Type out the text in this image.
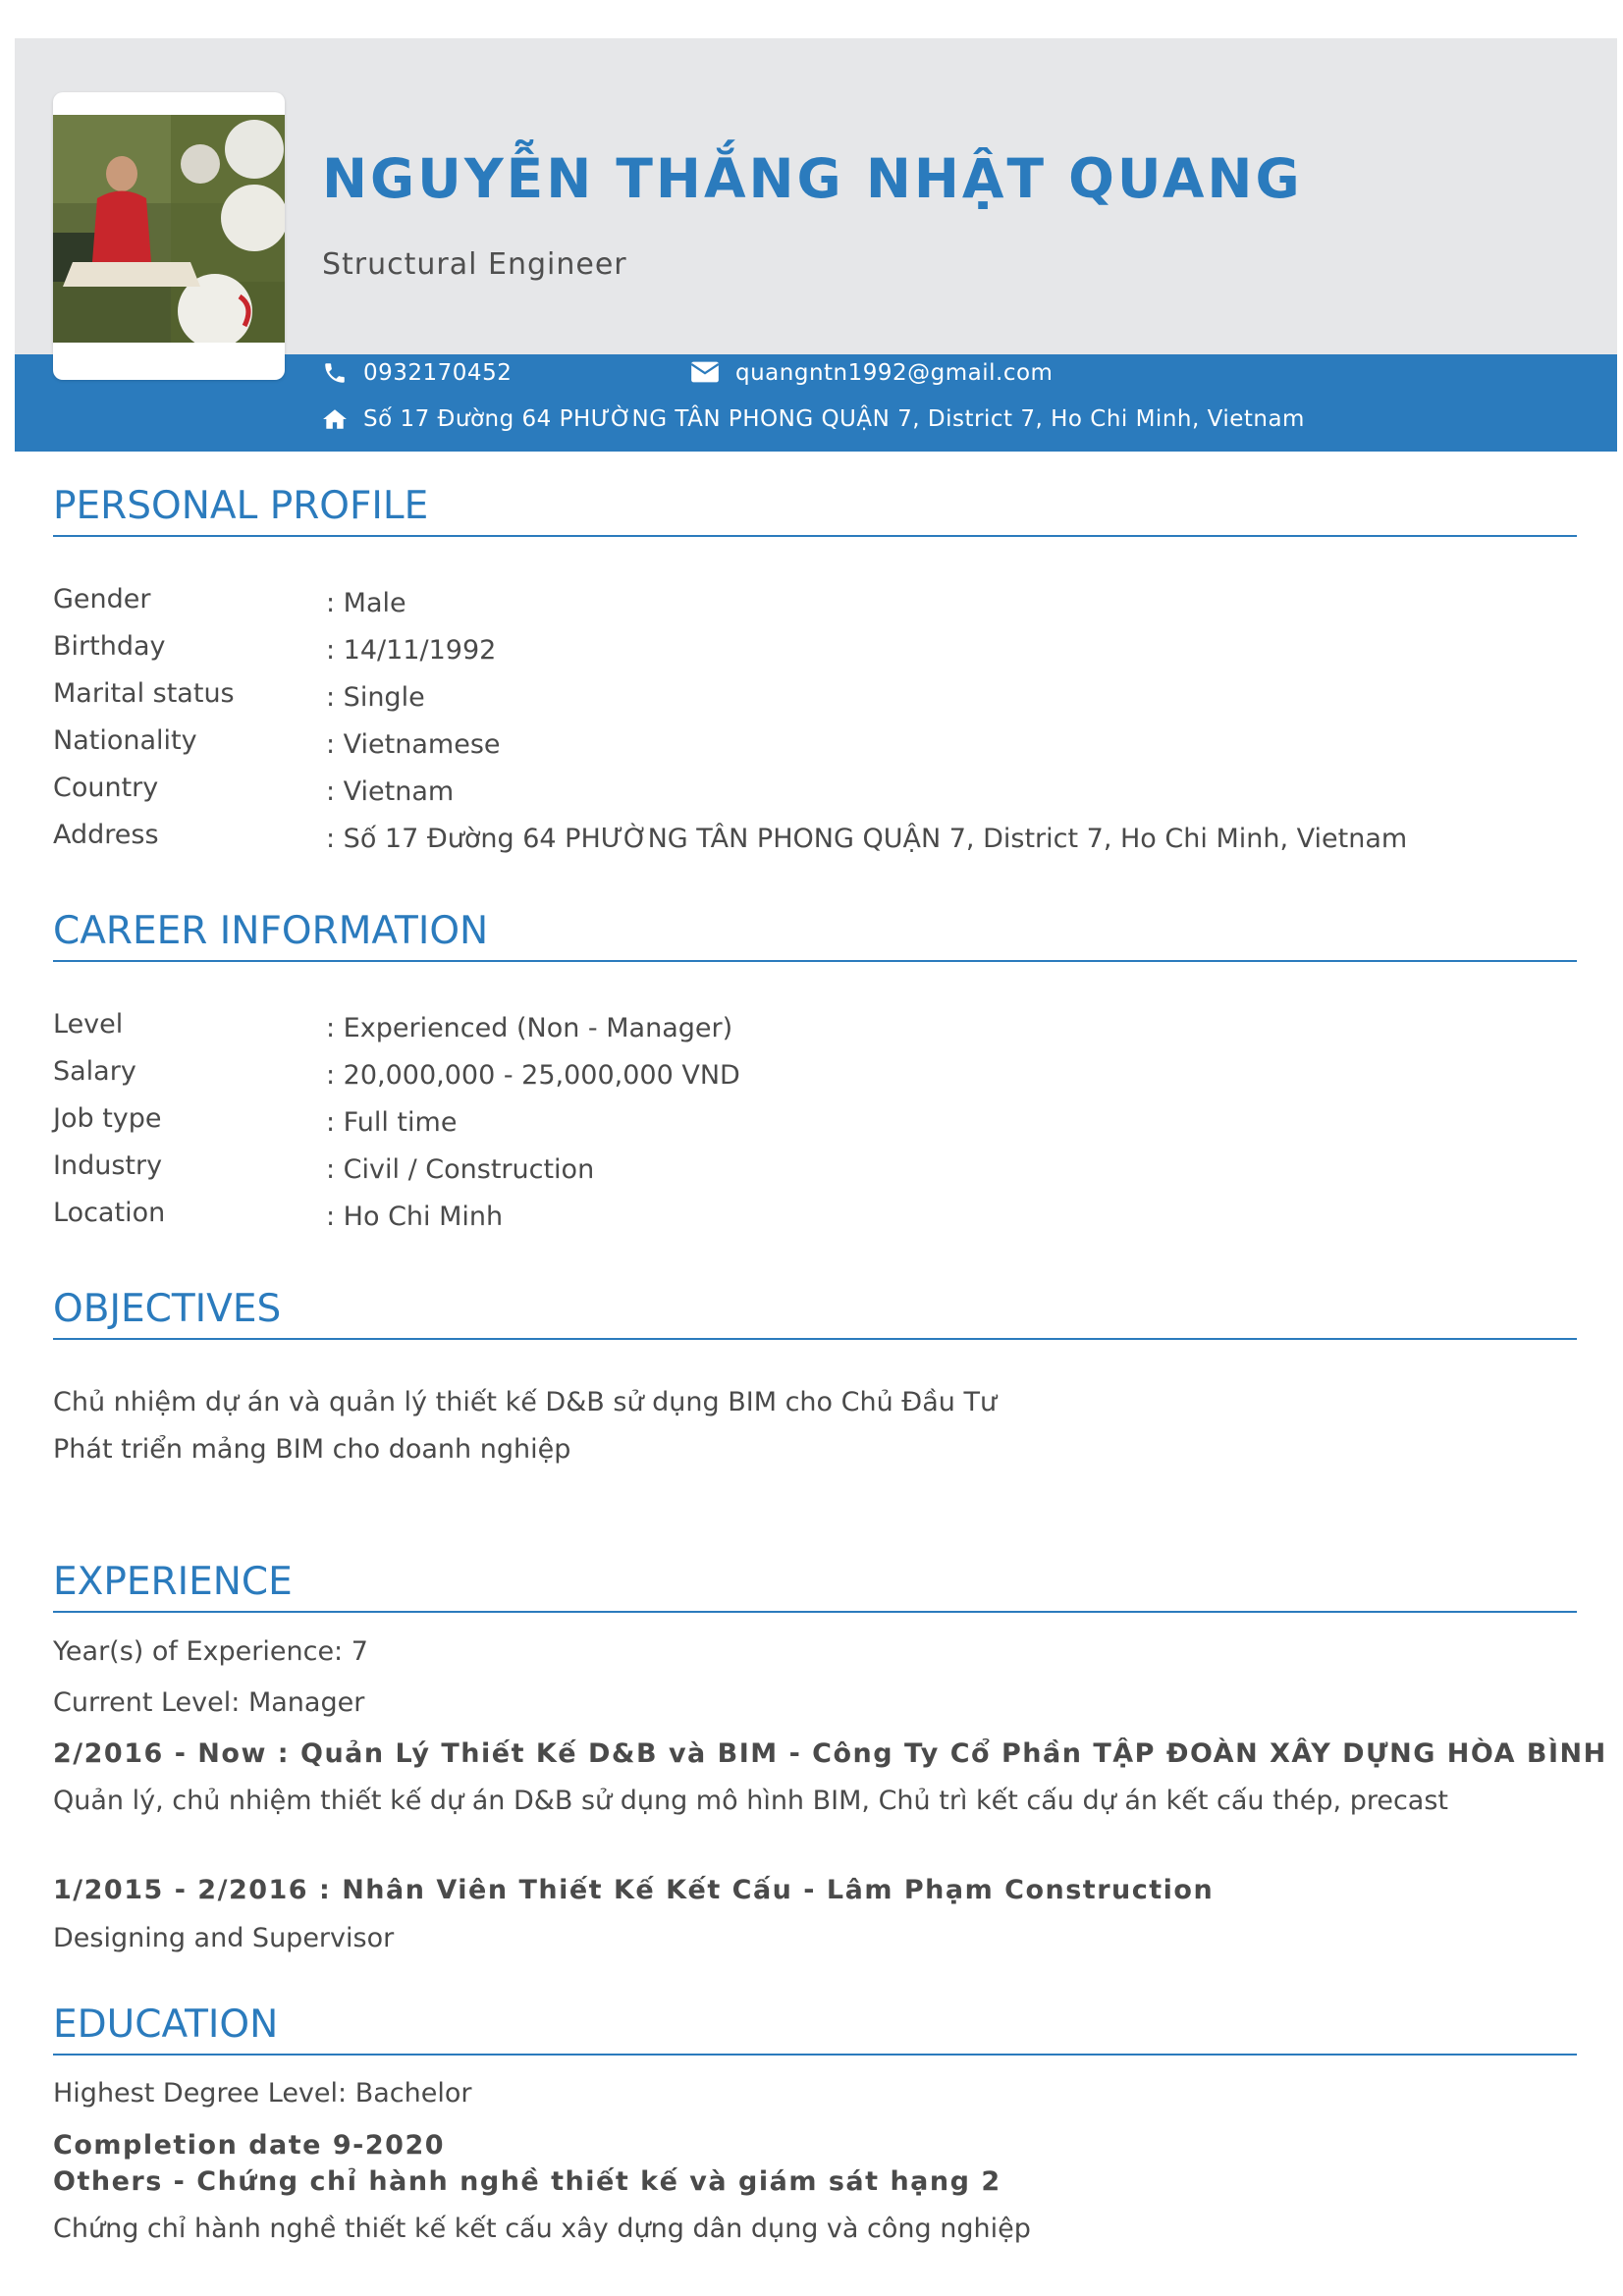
NGUYỄN THẮNG NHẬT QUANG
Structural Engineer
0932170452	quangntn1992@gmail.com
Số 17 Đường 64 PHƯỜNG TÂN PHONG QUẬN 7, District 7, Ho Chi Minh, Vietnam
PERSONAL PROFILE
Gender	: Male
Birthday	: 14/11/1992
Marital status	: Single
Nationality	: Vietnamese
Country	: Vietnam
Address	: Số 17 Đường 64 PHƯỜNG TÂN PHONG QUẬN 7, District 7, Ho Chi Minh, Vietnam
CAREER INFORMATION
Level	: Experienced (Non - Manager)
Salary	: 20,000,000 - 25,000,000 VND
Job type	: Full time
Industry	: Civil / Construction
Location	: Ho Chi Minh
OBJECTIVES
Chủ nhiệm dự án và quản lý thiết kế D&B sử dụng BIM cho Chủ Đầu Tư
Phát triển mảng BIM cho doanh nghiệp
EXPERIENCE
Year(s) of Experience: 7
Current Level: Manager
2/2016 - Now : Quản Lý Thiết Kế D&B và BIM - Công Ty Cổ Phần TẬP ĐOÀN XÂY DỰNG HÒA BÌNH
Quản lý, chủ nhiệm thiết kế dự án D&B sử dụng mô hình BIM, Chủ trì kết cấu dự án kết cấu thép, precast
1/2015 - 2/2016 : Nhân Viên Thiết Kế Kết Cấu - Lâm Phạm Construction
Designing and Supervisor
EDUCATION
Highest Degree Level: Bachelor
Completion date 9-2020
Others - Chứng chỉ hành nghề thiết kế và giám sát hạng 2
Chứng chỉ hành nghề thiết kế kết cấu xây dựng dân dụng và công nghiệp
